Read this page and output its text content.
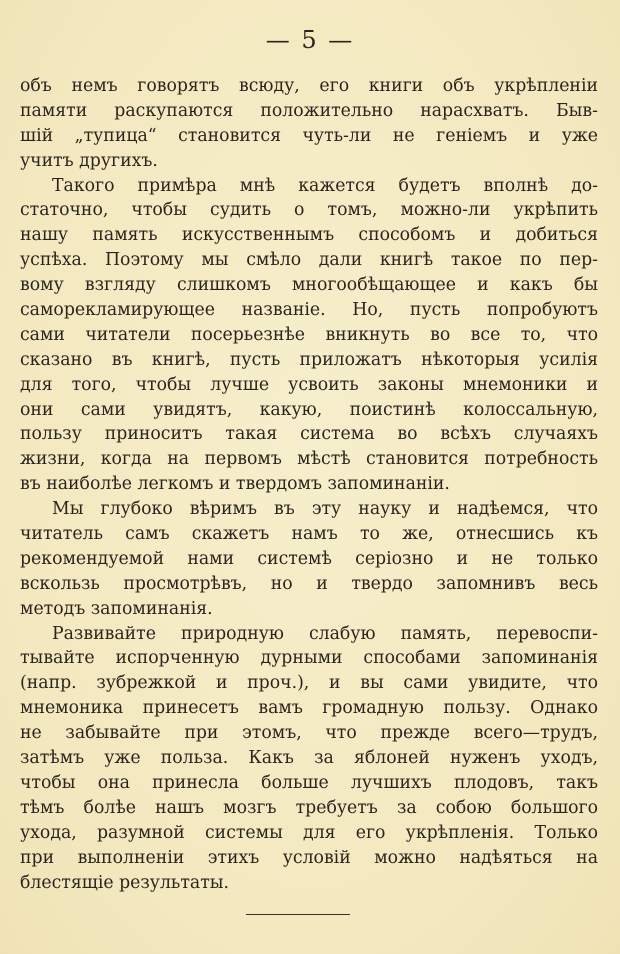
— 5 —
объ немъ говорятъ всюду, его книги объ укрѣпленіи
памяти раскупаются положительно нарасхватъ. Быв-
шій „тупица“ становится чуть-ли не геніемъ и уже
учитъ другихъ.
Такого примѣра мнѣ кажется будетъ вполнѣ до-
статочно, чтобы судить о томъ, можно-ли укрѣпить
нашу память искусственнымъ способомъ и добиться
успѣха. Поэтому мы смѣло дали книгѣ такое по пер-
вому взгляду слишкомъ многообѣщающее и какъ бы
саморекламирующее названіе. Но, пусть попробуютъ
сами читатели посерьезнѣе вникнуть во все то, что
сказано въ книгѣ, пусть приложатъ нѣкоторыя усилія
для того, чтобы лучше усвоить законы мнемоники и
они сами увидятъ, какую, поистинѣ колоссальную,
пользу приноситъ такая система во всѣхъ случаяхъ
жизни, когда на первомъ мѣстѣ становится потребность
въ наиболѣе легкомъ и твердомъ запоминаніи.
Мы глубоко вѣримъ въ эту науку и надѣемся, что
читатель самъ скажетъ намъ то же, отнесшись къ
рекомендуемой нами системѣ серіозно и не только
вскользь просмотрѣвъ, но и твердо запомнивъ весь
методъ запоминанія.
Развивайте природную слабую память, перевоспи-
тывайте испорченную дурными способами запоминанія
(напр. зубрежкой и проч.), и вы сами увидите, что
мнемоника принесетъ вамъ громадную пользу. Однако
не забывайте при этомъ, что прежде всего—трудъ,
затѣмъ уже польза. Какъ за яблоней нуженъ уходъ,
чтобы она принесла больше лучшихъ плодовъ, такъ
тѣмъ болѣе нашъ мозгъ требуетъ за собою большого
ухода, разумной системы для его укрѣпленія. Только
при выполненіи этихъ условій можно надѣяться на
блестящіе результаты.
